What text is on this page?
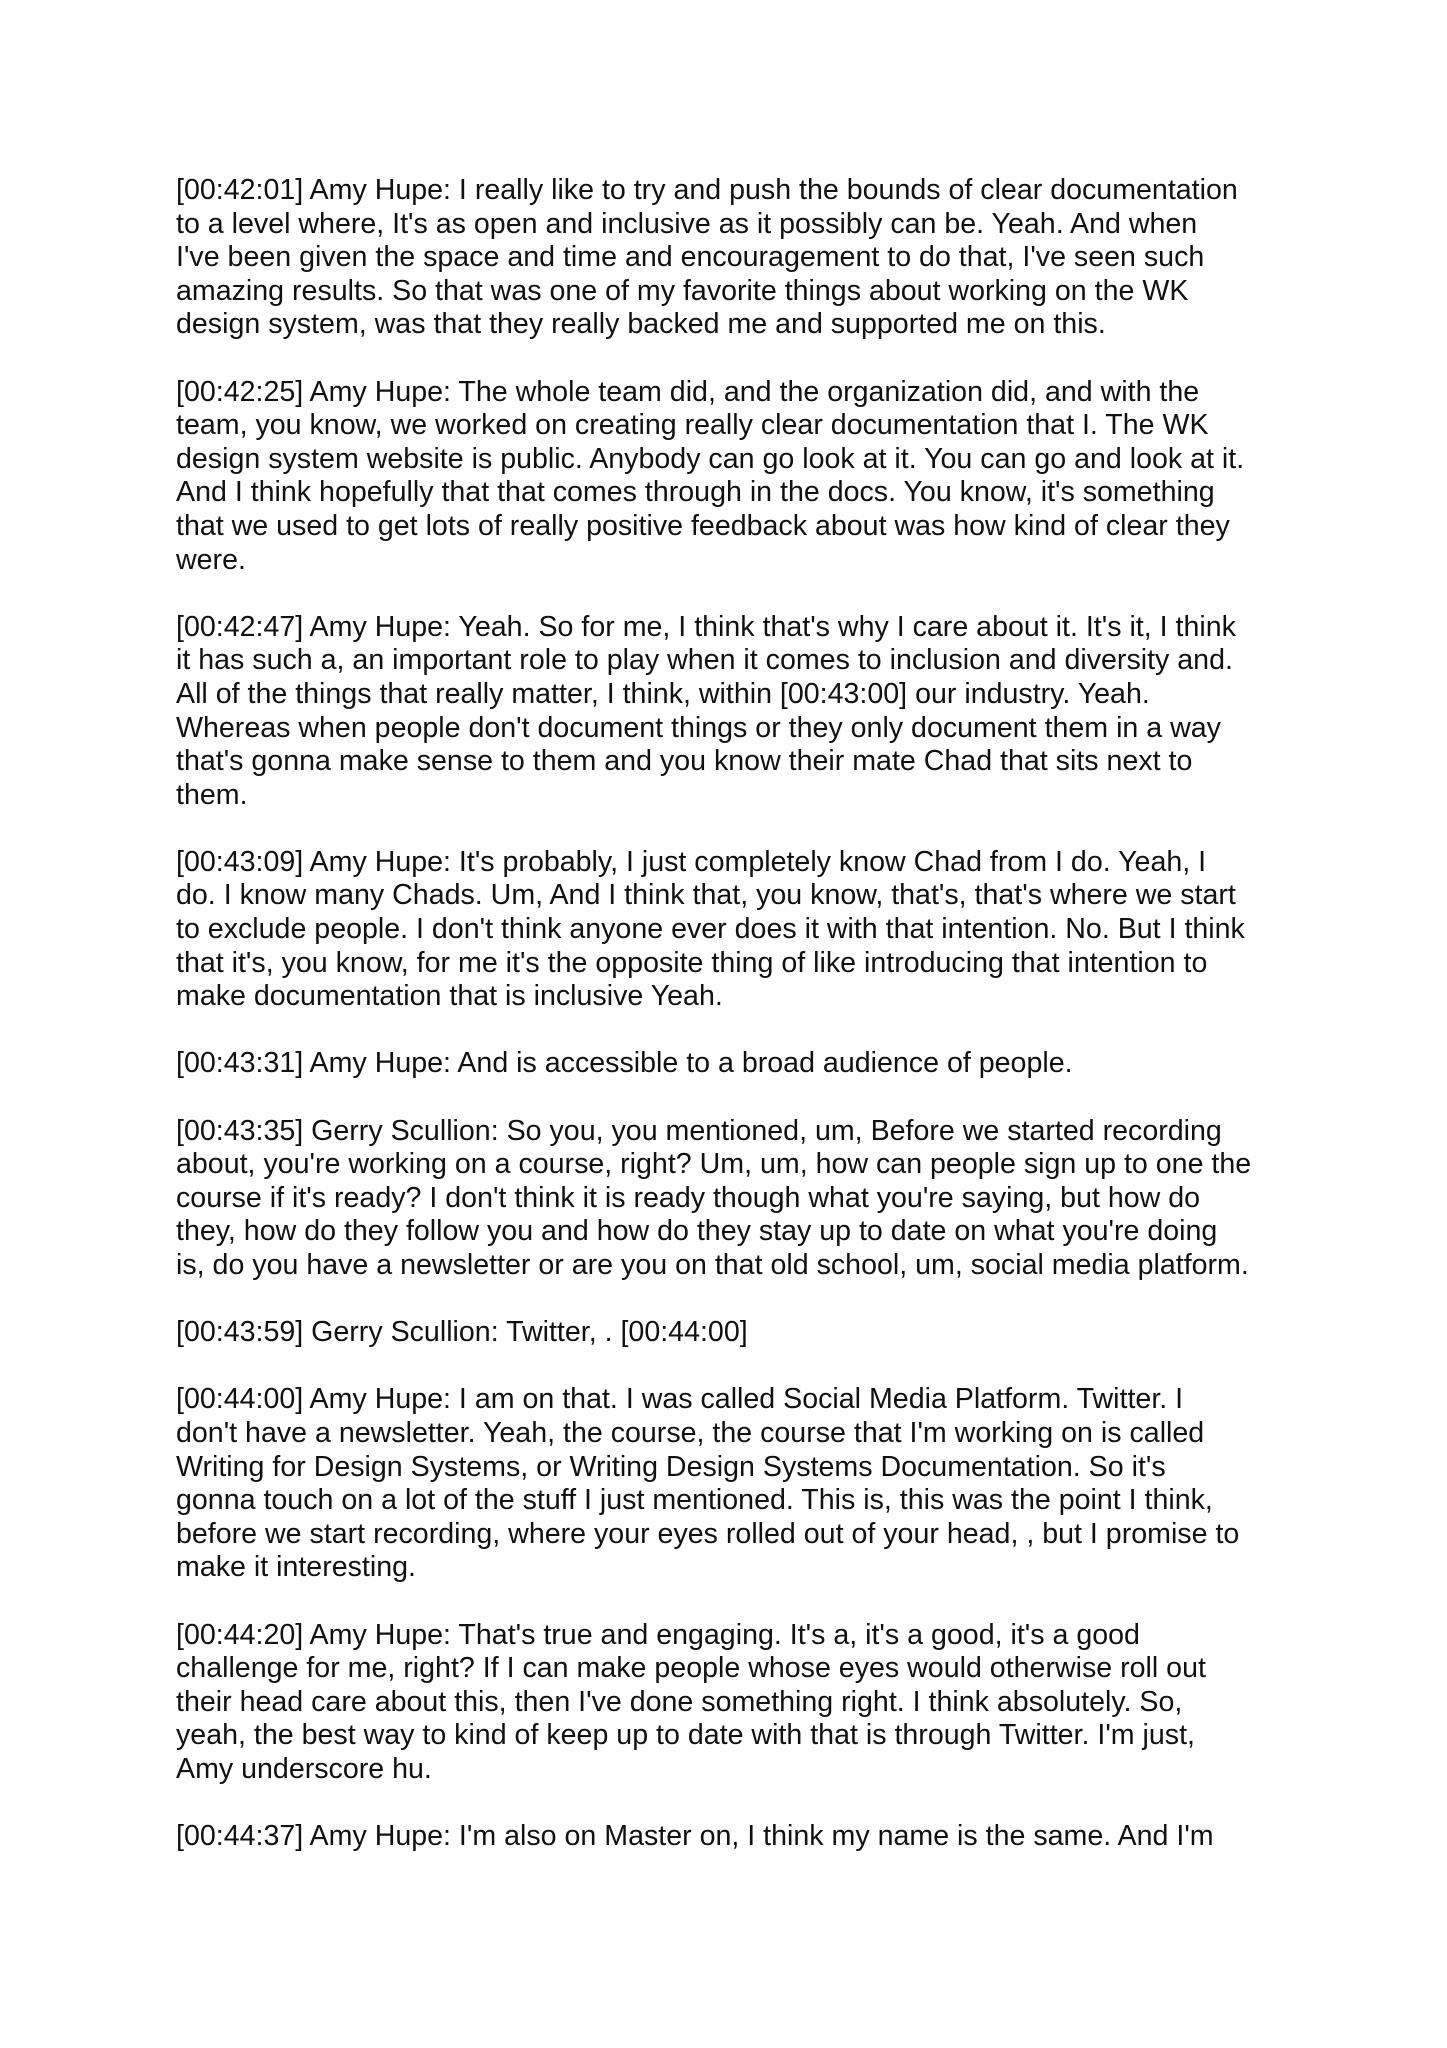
[00:42:01] Amy Hupe: I really like to try and push the bounds of clear documentation
to a level where, It's as open and inclusive as it possibly can be. Yeah. And when
I've been given the space and time and encouragement to do that, I've seen such
amazing results. So that was one of my favorite things about working on the WK
design system, was that they really backed me and supported me on this.

[00:42:25] Amy Hupe: The whole team did, and the organization did, and with the
team, you know, we worked on creating really clear documentation that I. The WK
design system website is public. Anybody can go look at it. You can go and look at it.
And I think hopefully that that comes through in the docs. You know, it's something
that we used to get lots of really positive feedback about was how kind of clear they
were.

[00:42:47] Amy Hupe: Yeah. So for me, I think that's why I care about it. It's it, I think
it has such a, an important role to play when it comes to inclusion and diversity and.
All of the things that really matter, I think, within [00:43:00] our industry. Yeah.
Whereas when people don't document things or they only document them in a way
that's gonna make sense to them and you know their mate Chad that sits next to
them.

[00:43:09] Amy Hupe: It's probably, I just completely know Chad from I do. Yeah, I
do. I know many Chads. Um, And I think that, you know, that's, that's where we start
to exclude people. I don't think anyone ever does it with that intention. No. But I think
that it's, you know, for me it's the opposite thing of like introducing that intention to
make documentation that is inclusive Yeah.

[00:43:31] Amy Hupe: And is accessible to a broad audience of people.

[00:43:35] Gerry Scullion: So you, you mentioned, um, Before we started recording
about, you're working on a course, right? Um, um, how can people sign up to one the
course if it's ready? I don't think it is ready though what you're saying, but how do
they, how do they follow you and how do they stay up to date on what you're doing
is, do you have a newsletter or are you on that old school, um, social media platform.

[00:43:59] Gerry Scullion: Twitter, . [00:44:00]

[00:44:00] Amy Hupe: I am on that. I was called Social Media Platform. Twitter. I
don't have a newsletter. Yeah, the course, the course that I'm working on is called
Writing for Design Systems, or Writing Design Systems Documentation. So it's
gonna touch on a lot of the stuff I just mentioned. This is, this was the point I think,
before we start recording, where your eyes rolled out of your head, , but I promise to
make it interesting.

[00:44:20] Amy Hupe: That's true and engaging. It's a, it's a good, it's a good
challenge for me, right? If I can make people whose eyes would otherwise roll out
their head care about this, then I've done something right. I think absolutely. So,
yeah, the best way to kind of keep up to date with that is through Twitter. I'm just,
Amy underscore hu.

[00:44:37] Amy Hupe: I'm also on Master on, I think my name is the same. And I'm
